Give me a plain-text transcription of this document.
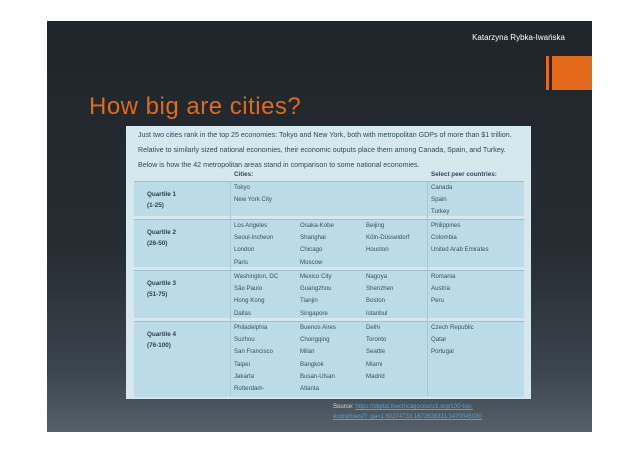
Katarzyna Rybka-Iwańska
How big are cities?
Just two cities rank in the top 25 economies: Tokyo and New York, both with metropolitan GDPs of more than $1 trillion. Relative to similarly sized national economies, their economic outputs place them among Canada, Spain, and Turkey. Below is how the 42 metropolitan areas stand in comparison to some national economies.
Cities:	Select peer countries:
Quartile 1
(1-25)
Tokyo
New York City
Canada
Spain
Turkey
Quartile 2
(26-50)
Los Angeles
Seoul-Incheon
London
Paris
Osaka-Kobe
Shanghai
Chicago
Moscow
Beijing
Köln-Düsseldorf
Houston
Philippines
Colombia
United Arab Emirates
Quartile 3
(51-75)
Washington, DC
São Paulo
Hong Kong
Dallas
Mexico City
Guangzhou
Tianjin
Singapore
Nagoya
Shenzhen
Boston
Istanbul
Romania
Austria
Peru
Quartile 4
(76-100)
Philadelphia
Suzhou
San Francisco
Taipei
Jakarta
Rotterdam-
Buenos Aires
Chongqing
Milan
Bangkok
Busan-Ulsan
Atlanta
Delhi
Toronto
Seattle
Miami
Madrid
Czech Republic
Qatar
Portugal
Source: https://digital.thechicagocouncil.org/100-top-
economies/?_ga=1.60274733.1672636311.1470045030
